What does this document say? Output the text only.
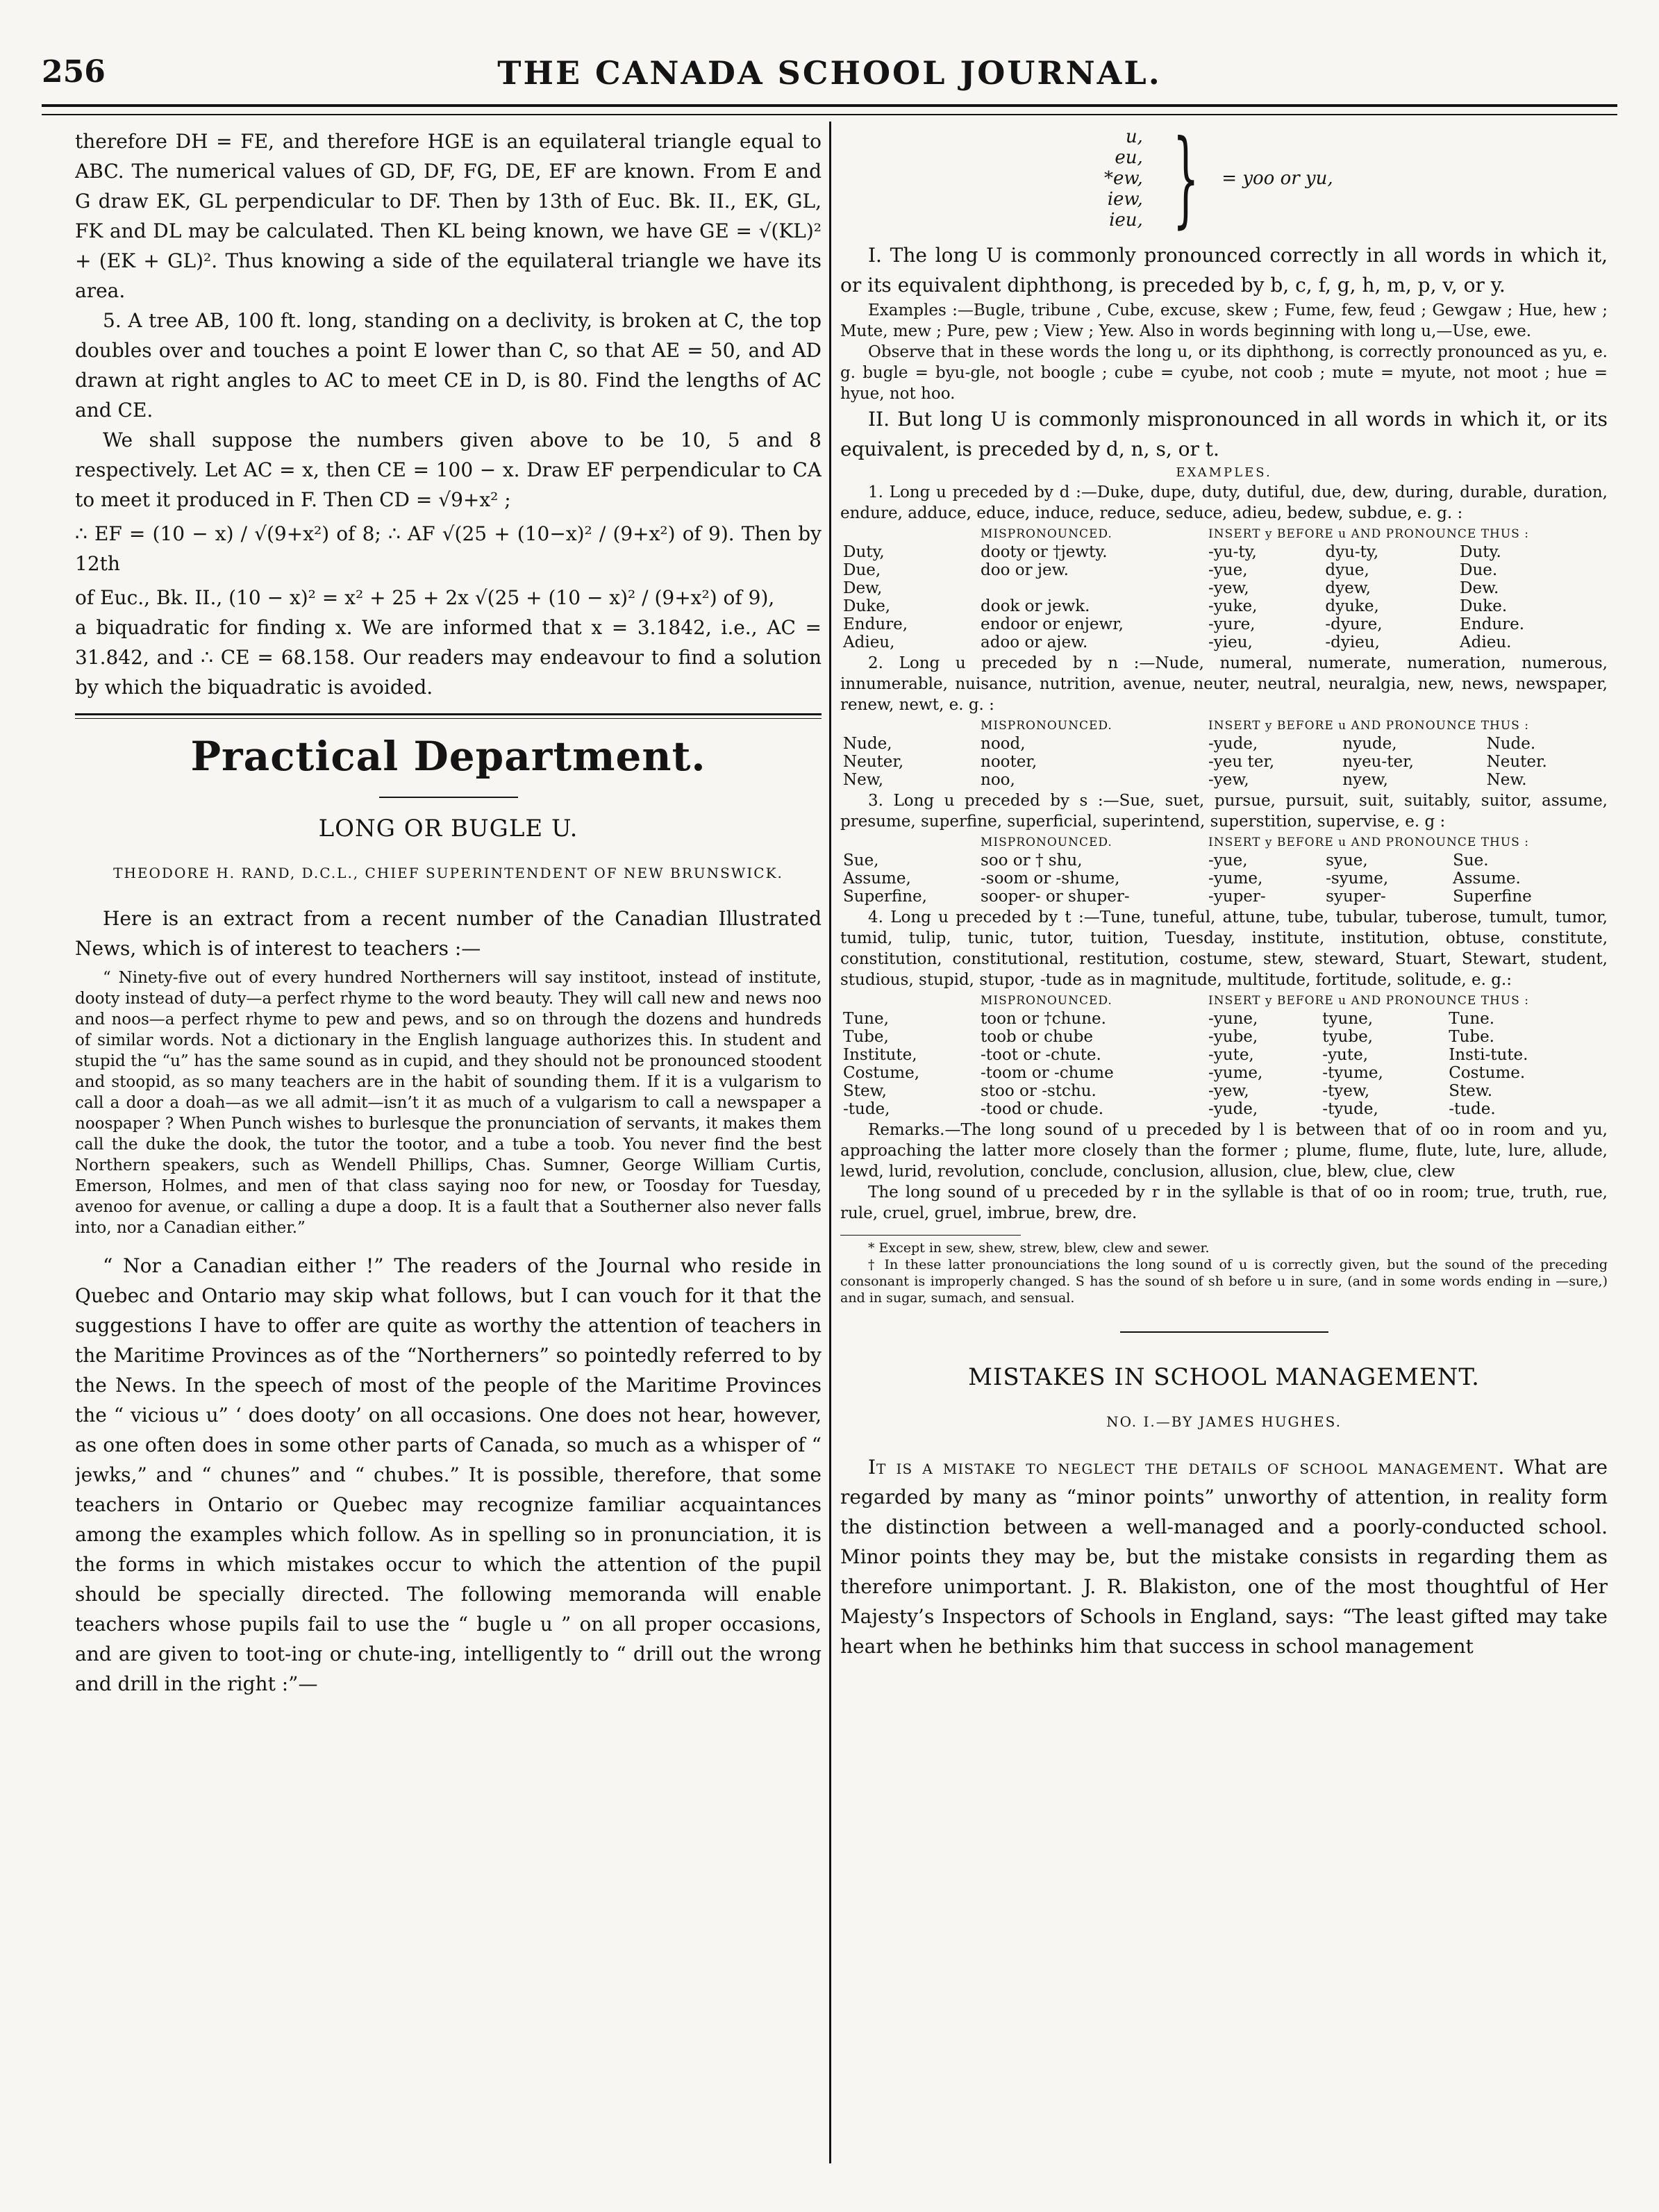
256	THE CANADA SCHOOL JOURNAL.

therefore DH = FE, and therefore HGE is an equilateral triangle equal to ABC. The numerical values of GD, DF, FG, DE, EF are known. From E and G draw EK, GL perpendicular to DF. Then by 13th of Euc. Bk. II., EK, GL, FK and DL may be calculated. Then KL being known, we have GE = √(KL)² + (EK + GL)². Thus knowing a side of the equilateral triangle we have its area.

5. A tree AB, 100 ft. long, standing on a declivity, is broken at C, the top doubles over and touches a point E lower than C, so that AE = 50, and AD drawn at right angles to AC to meet CE in D, is 80. Find the lengths of AC and CE.

We shall suppose the numbers given above to be 10, 5 and 8 respectively. Let AC = x, then CE = 100 − x. Draw EF perpendicular to CA to meet it produced in F. Then CD = √9+x² ;

∴ EF = (10 − x) / √(9+x²) of 8; ∴ AF √(25 + (10−x)² / (9+x²) of 9). Then by 12th

of Euc., Bk. II., (10 − x)² = x² + 25 + 2x √(25 + (10 − x)² / (9+x²) of 9),

a biquadratic for finding x. We are informed that x = 3.1842, i.e., AC = 31.842, and ∴ CE = 68.158. Our readers may endeavour to find a solution by which the biquadratic is avoided.

Practical Department.
LONG OR BUGLE U.
THEODORE H. RAND, D.C.L., CHIEF SUPERINTENDENT OF NEW BRUNSWICK.

Here is an extract from a recent number of the Canadian Illustrated News, which is of interest to teachers :—

“ Ninety-five out of every hundred Northerners will say institoot, instead of institute, dooty instead of duty—a perfect rhyme to the word beauty. They will call new and news noo and noos—a perfect rhyme to pew and pews, and so on through the dozens and hundreds of similar words. Not a dictionary in the English language authorizes this. In student and stupid the “u” has the same sound as in cupid, and they should not be pronounced stoodent and stoopid, as so many teachers are in the habit of sounding them. If it is a vulgarism to call a door a doah—as we all admit—isn’t it as much of a vulgarism to call a newspaper a noospaper ? When Punch wishes to burlesque the pronunciation of servants, it makes them call the duke the dook, the tutor the tootor, and a tube a toob. You never find the best Northern speakers, such as Wendell Phillips, Chas. Sumner, George William Curtis, Emerson, Holmes, and men of that class saying noo for new, or Toosday for Tuesday, avenoo for avenue, or calling a dupe a doop. It is a fault that a Southerner also never falls into, nor a Canadian either.”

“ Nor a Canadian either !” The readers of the Journal who reside in Quebec and Ontario may skip what follows, but I can vouch for it that the suggestions I have to offer are quite as worthy the attention of teachers in the Maritime Provinces as of the “Northerners” so pointedly referred to by the News. In the speech of most of the people of the Maritime Provinces the “ vicious u” ‘ does dooty’ on all occasions. One does not hear, however, as one often does in some other parts of Canada, so much as a whisper of “ jewks,” and “ chunes” and “ chubes.” It is possible, therefore, that some teachers in Ontario or Quebec may recognize familiar acquaintances among the examples which follow. As in spelling so in pronunciation, it is the forms in which mistakes occur to which the attention of the pupil should be specially directed. The following memoranda will enable teachers whose pupils fail to use the “ bugle u ” on all proper occasions, and are given to toot-ing or chute-ing, intelligently to “ drill out the wrong and drill in the right :”—

u,
eu,
*ew,
iew,
ieu, } = yoo or yu,

I. The long U is commonly pronounced correctly in all words in which it, or its equivalent diphthong, is preceded by b, c, f, g, h, m, p, v, or y.

Examples :—Bugle, tribune , Cube, excuse, skew ; Fume, few, feud ; Gewgaw ; Hue, hew ; Mute, mew ; Pure, pew ; View ; Yew. Also in words beginning with long u,—Use, ewe.

Observe that in these words the long u, or its diphthong, is correctly pronounced as yu, e. g. bugle = byu-gle, not boogle ; cube = cyube, not coob ; mute = myute, not moot ; hue = hyue, not hoo.

II. But long U is commonly mispronounced in all words in which it, or its equivalent, is preceded by d, n, s, or t.

EXAMPLES.

1. Long u preceded by d :—Duke, dupe, duty, dutiful, due, dew, during, durable, duration, endure, adduce, educe, induce, reduce, seduce, adieu, bedew, subdue, e. g. :

	MISPRONOUNCED.	INSERT y BEFORE u AND PRONOUNCE THUS :		
Duty,	dooty or †jewty.	-yu-ty,	dyu-ty,	Duty.
Due,	doo or jew.	-yue,	dyue,	Due.
Dew,		-yew,	dyew,	Dew.
Duke,	dook or jewk.	-yuke,	dyuke,	Duke.
Endure,	endoor or enjewr,	-yure,	-dyure,	Endure.
Adieu,	adoo or ajew.	-yieu,	-dyieu,	Adieu.

2. Long u preceded by n :—Nude, numeral, numerate, numeration, numerous, innumerable, nuisance, nutrition, avenue, neuter, neutral, neuralgia, new, news, newspaper, renew, newt, e. g. :

	MISPRONOUNCED.	INSERT y BEFORE u AND PRONOUNCE THUS :		
Nude,	nood,	-yude,	nyude,	Nude.
Neuter,	nooter,	-yeu ter,	nyeu-ter,	Neuter.
New,	noo,	-yew,	nyew,	New.

3. Long u preceded by s :—Sue, suet, pursue, pursuit, suit, suitably, suitor, assume, presume, superfine, superficial, superintend, superstition, supervise, e. g :

	MISPRONOUNCED.	INSERT y BEFORE u AND PRONOUNCE THUS :		
Sue,	soo or † shu,	-yue,	syue,	Sue.
Assume,	-soom or -shume,	-yume,	-syume,	Assume.
Superfine,	sooper- or shuper-	-yuper-	syuper-	Superfine

4. Long u preceded by t :—Tune, tuneful, attune, tube, tubular, tuberose, tumult, tumor, tumid, tulip, tunic, tutor, tuition, Tuesday, institute, institution, obtuse, constitute, constitution, constitutional, restitution, costume, stew, steward, Stuart, Stewart, student, studious, stupid, stupor, -tude as in magnitude, multitude, fortitude, solitude, e. g.:

	MISPRONOUNCED.	INSERT y BEFORE u AND PRONOUNCE THUS :		
Tune,	toon or †chune.	-yune,	tyune,	Tune.
Tube,	toob or chube	-yube,	tyube,	Tube.
Institute,	-toot or -chute.	-yute,	-yute,	Insti-tute.
Costume,	-toom or -chume	-yume,	-tyume,	Costume.
Stew,	stoo or -stchu.	-yew,	-tyew,	Stew.
-tude,	-tood or chude.	-yude,	-tyude,	-tude.

Remarks.—The long sound of u preceded by l is between that of oo in room and yu, approaching the latter more closely than the former ; plume, flume, flute, lute, lure, allude, lewd, lurid, revolution, conclude, conclusion, allusion, clue, blew, clue, clew

The long sound of u preceded by r in the syllable is that of oo in room; true, truth, rue, rule, cruel, gruel, imbrue, brew, dre.

* Except in sew, shew, strew, blew, clew and sewer.

† In these latter pronounciations the long sound of u is correctly given, but the sound of the preceding consonant is improperly changed. S has the sound of sh before u in sure, (and in some words ending in —sure,) and in sugar, sumach, and sensual.

MISTAKES IN SCHOOL MANAGEMENT.
NO. I.—BY JAMES HUGHES.

It is a mistake to neglect the details of school management. What are regarded by many as “minor points” unworthy of attention, in reality form the distinction between a well-managed and a poorly-conducted school. Minor points they may be, but the mistake consists in regarding them as therefore unimportant. J. R. Blakiston, one of the most thoughtful of Her Majesty’s Inspectors of Schools in England, says: “The least gifted may take heart when he bethinks him that success in school management
